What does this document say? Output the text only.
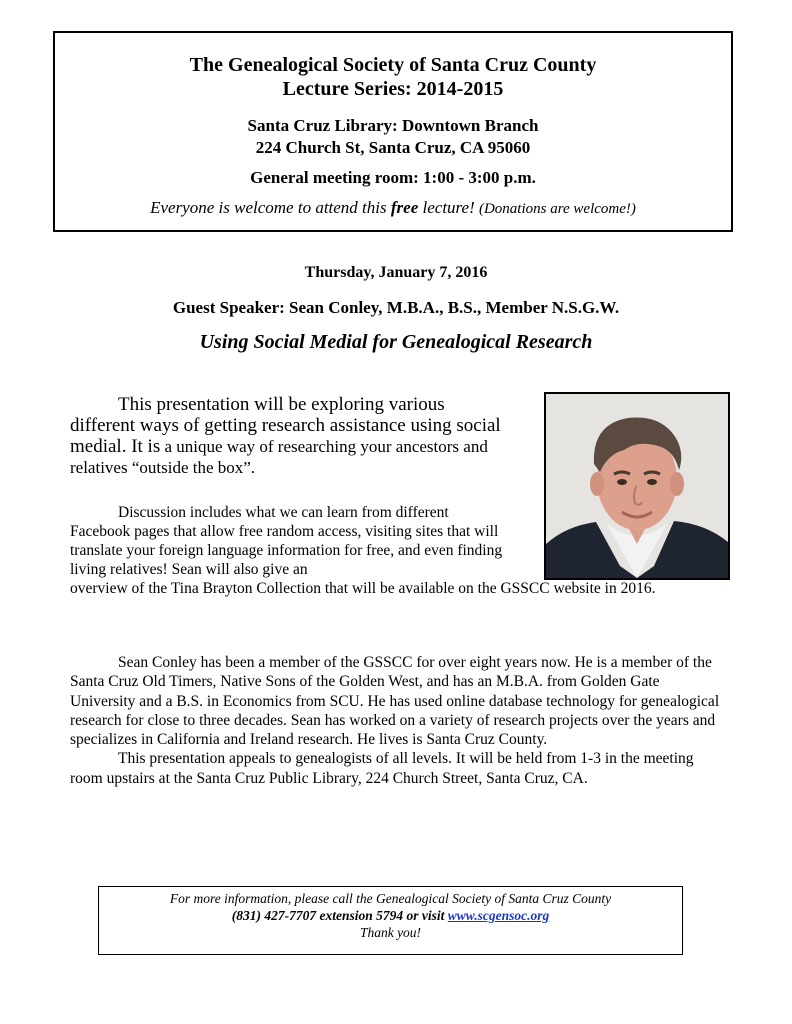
The Genealogical Society of Santa Cruz County
Lecture Series: 2014-2015
Santa Cruz Library: Downtown Branch
224 Church St, Santa Cruz, CA 95060
General meeting room: 1:00 - 3:00 p.m.
Everyone is welcome to attend this free lecture! (Donations are welcome!)
Thursday, January 7, 2016
Guest Speaker: Sean Conley, M.B.A., B.S., Member N.S.G.W.
Using Social Medial for Genealogical Research
This presentation will be exploring various different ways of getting research assistance using social medial. It is a unique way of researching your ancestors and relatives “outside the box”.
Discussion includes what we can learn from different Facebook pages that allow free random access, visiting sites that will translate your foreign language information for free, and even finding living relatives! Sean will also give an
overview of the Tina Brayton Collection that will be available on the GSSCC website in 2016.
Sean Conley has been a member of the GSSCC for over eight years now. He is a member of the Santa Cruz Old Timers, Native Sons of the Golden West, and has an M.B.A. from Golden Gate University and a B.S. in Economics from SCU. He has used online database technology for genealogical research for close to three decades. Sean has worked on a variety of research projects over the years and specializes in California and Ireland research. He lives is Santa Cruz County.
This presentation appeals to genealogists of all levels. It will be held from 1-3 in the meeting room upstairs at the Santa Cruz Public Library, 224 Church Street, Santa Cruz, CA.
For more information, please call the Genealogical Society of Santa Cruz County
(831) 427-7707 extension 5794 or visit www.scgensoc.org
Thank you!
